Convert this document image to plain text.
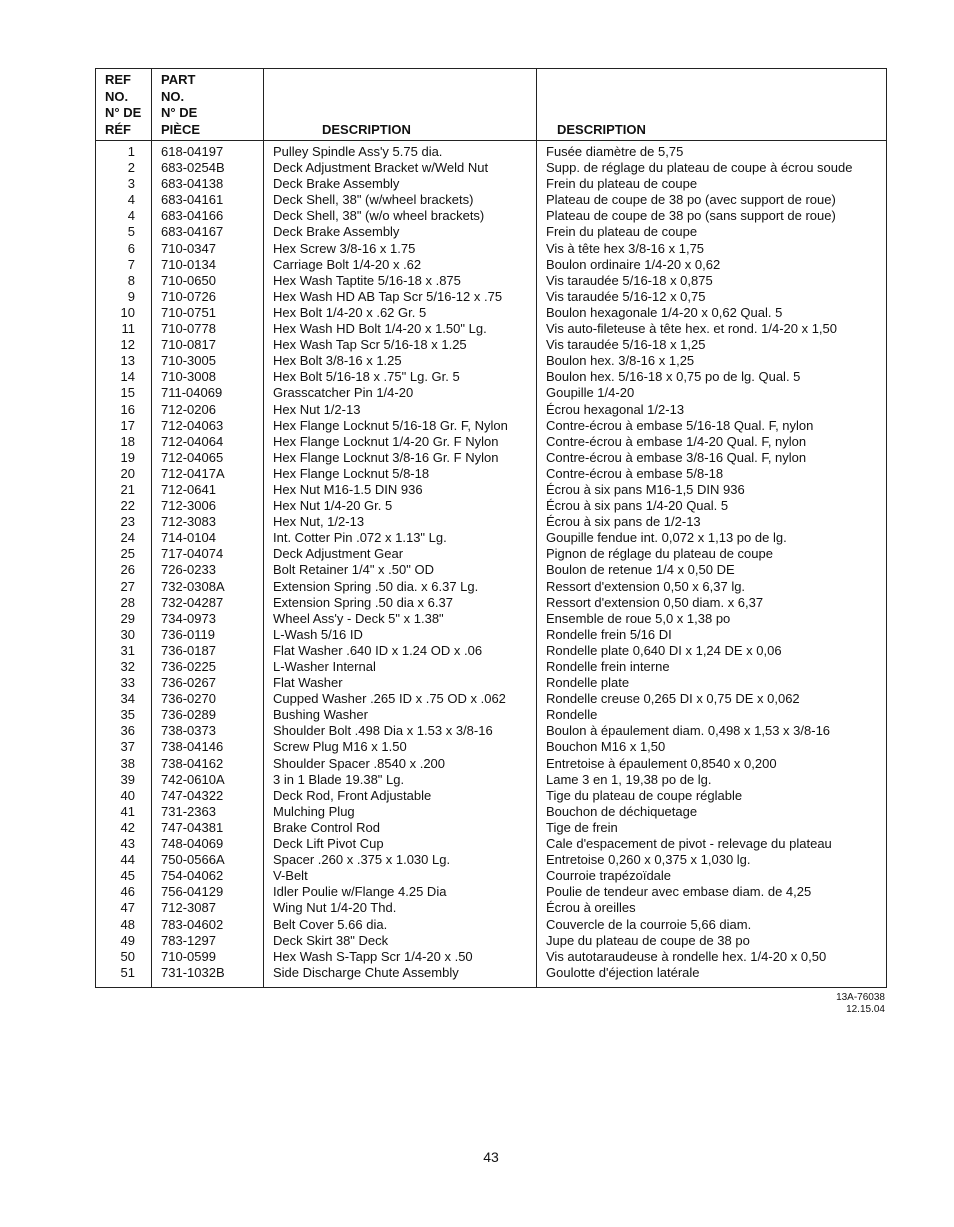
REF
NO.
N° DE
RÉF	PART
NO.
N° DE
PIÈCE	DESCRIPTION	DESCRIPTION
1	618-04197	Pulley Spindle Ass'y 5.75 dia.	Fusée diamètre de 5,75
2	683-0254B	Deck Adjustment Bracket w/Weld Nut	Supp. de réglage du plateau de coupe à écrou soude
3	683-04138	Deck Brake Assembly	Frein du plateau de coupe
4	683-04161	Deck Shell, 38" (w/wheel brackets)	Plateau de coupe de 38 po (avec support de roue)
4	683-04166	Deck Shell, 38" (w/o wheel brackets)	Plateau de coupe de 38 po (sans support de roue)
5	683-04167	Deck Brake Assembly	Frein du plateau de coupe
6	710-0347	Hex Screw 3/8-16 x 1.75	Vis à tête hex 3/8-16 x 1,75
7	710-0134	Carriage Bolt 1/4-20 x .62	Boulon ordinaire 1/4-20 x 0,62
8	710-0650	Hex Wash Taptite 5/16-18 x .875	Vis taraudée 5/16-18 x 0,875
9	710-0726	Hex Wash HD AB Tap Scr 5/16-12 x .75	Vis taraudée 5/16-12 x 0,75
10	710-0751	Hex Bolt 1/4-20 x .62 Gr. 5	Boulon hexagonale 1/4-20 x 0,62 Qual. 5
11	710-0778	Hex Wash HD Bolt 1/4-20 x 1.50" Lg.	Vis auto-fileteuse à tête hex. et rond. 1/4-20 x 1,50
12	710-0817	Hex Wash Tap Scr 5/16-18 x 1.25	Vis taraudée 5/16-18 x 1,25
13	710-3005	Hex Bolt 3/8-16 x 1.25	Boulon hex. 3/8-16 x 1,25
14	710-3008	Hex Bolt 5/16-18 x .75" Lg. Gr. 5	Boulon hex. 5/16-18 x 0,75 po de lg. Qual. 5
15	711-04069	Grasscatcher Pin 1/4-20	Goupille 1/4-20
16	712-0206	Hex Nut 1/2-13	Écrou hexagonal 1/2-13
17	712-04063	Hex Flange Locknut 5/16-18 Gr. F, Nylon	Contre-écrou à embase 5/16-18 Qual. F, nylon
18	712-04064	Hex Flange Locknut 1/4-20 Gr. F Nylon	Contre-écrou à embase 1/4-20 Qual. F, nylon
19	712-04065	Hex Flange Locknut 3/8-16 Gr. F Nylon	Contre-écrou à embase 3/8-16 Qual. F, nylon
20	712-0417A	Hex Flange Locknut 5/8-18	Contre-écrou à embase 5/8-18
21	712-0641	Hex Nut M16-1.5 DIN 936	Écrou à six pans M16-1,5 DIN 936
22	712-3006	Hex Nut 1/4-20 Gr. 5	Écrou à six pans 1/4-20 Qual. 5
23	712-3083	Hex Nut, 1/2-13	Écrou à six pans de 1/2-13
24	714-0104	Int. Cotter Pin .072 x 1.13" Lg.	Goupille fendue int. 0,072 x 1,13 po de lg.
25	717-04074	Deck Adjustment Gear	Pignon de réglage du plateau de coupe
26	726-0233	Bolt Retainer 1/4" x .50" OD	Boulon de retenue 1/4 x 0,50 DE
27	732-0308A	Extension Spring .50 dia. x 6.37 Lg.	Ressort d'extension 0,50 x 6,37 lg.
28	732-04287	Extension Spring .50 dia x 6.37	Ressort d'extension 0,50 diam. x 6,37
29	734-0973	Wheel Ass'y - Deck 5" x 1.38"	Ensemble de roue 5,0 x 1,38 po
30	736-0119	L-Wash 5/16 ID	Rondelle frein 5/16 DI
31	736-0187	Flat Washer .640 ID x 1.24 OD x .06	Rondelle plate 0,640 DI x 1,24 DE x 0,06
32	736-0225	L-Washer Internal	Rondelle frein interne
33	736-0267	Flat Washer	Rondelle plate
34	736-0270	Cupped Washer .265 ID x .75 OD x .062	Rondelle creuse 0,265 DI x 0,75 DE x 0,062
35	736-0289	Bushing Washer	Rondelle
36	738-0373	Shoulder Bolt .498 Dia x 1.53 x 3/8-16	Boulon à épaulement diam. 0,498 x 1,53 x 3/8-16
37	738-04146	Screw Plug M16 x 1.50	Bouchon M16 x 1,50
38	738-04162	Shoulder Spacer .8540 x .200	Entretoise à épaulement 0,8540 x 0,200
39	742-0610A	3 in 1 Blade 19.38" Lg.	Lame 3 en 1, 19,38 po de lg.
40	747-04322	Deck Rod, Front Adjustable	Tige du plateau de coupe réglable
41	731-2363	Mulching Plug	Bouchon de déchiquetage
42	747-04381	Brake Control Rod	Tige de frein
43	748-04069	Deck Lift Pivot Cup	Cale d'espacement de pivot - relevage du plateau
44	750-0566A	Spacer .260 x .375 x 1.030 Lg.	Entretoise 0,260 x 0,375 x 1,030 lg.
45	754-04062	V-Belt	Courroie trapézoïdale
46	756-04129	Idler Poulie w/Flange 4.25 Dia	Poulie de tendeur avec embase diam. de 4,25
47	712-3087	Wing Nut 1/4-20 Thd.	Écrou à oreilles
48	783-04602	Belt Cover 5.66 dia.	Couvercle de la courroie 5,66 diam.
49	783-1297	Deck Skirt 38" Deck	Jupe du plateau de coupe de 38 po
50	710-0599	Hex Wash S-Tapp Scr 1/4-20 x .50	Vis autotaraudeuse à rondelle hex. 1/4-20 x 0,50
51	731-1032B	Side Discharge Chute Assembly	Goulotte d'éjection latérale
13A-76038
12.15.04
43
